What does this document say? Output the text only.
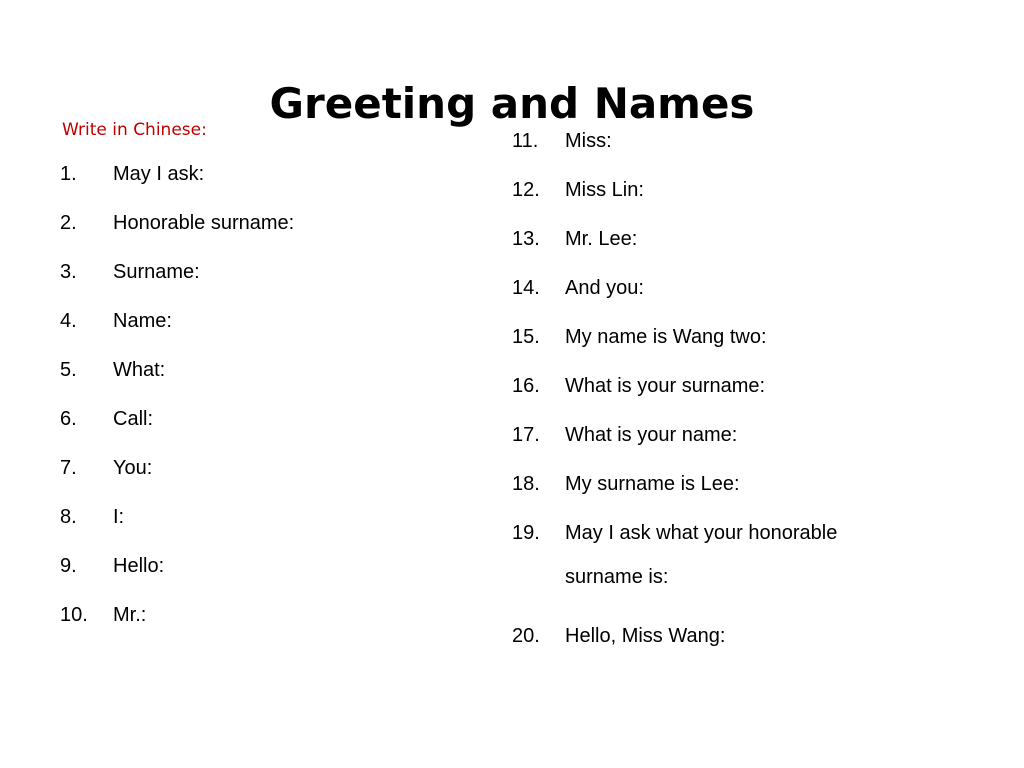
Greeting and Names
Write in Chinese:
1.	May I ask:
2.	Honorable surname:
3.	Surname:
4.	Name:
5.	What:
6.	Call:
7.	You:
8.	I:
9.	Hello:
10.	Mr.:
11.	Miss:
12.	Miss Lin:
13.	Mr. Lee:
14.	And you:
15.	My name is Wang two:
16.	What is your surname:
17.	What is your name:
18.	My surname is Lee:
19.	May I ask what your honorable surname is:
20.	Hello, Miss Wang:
